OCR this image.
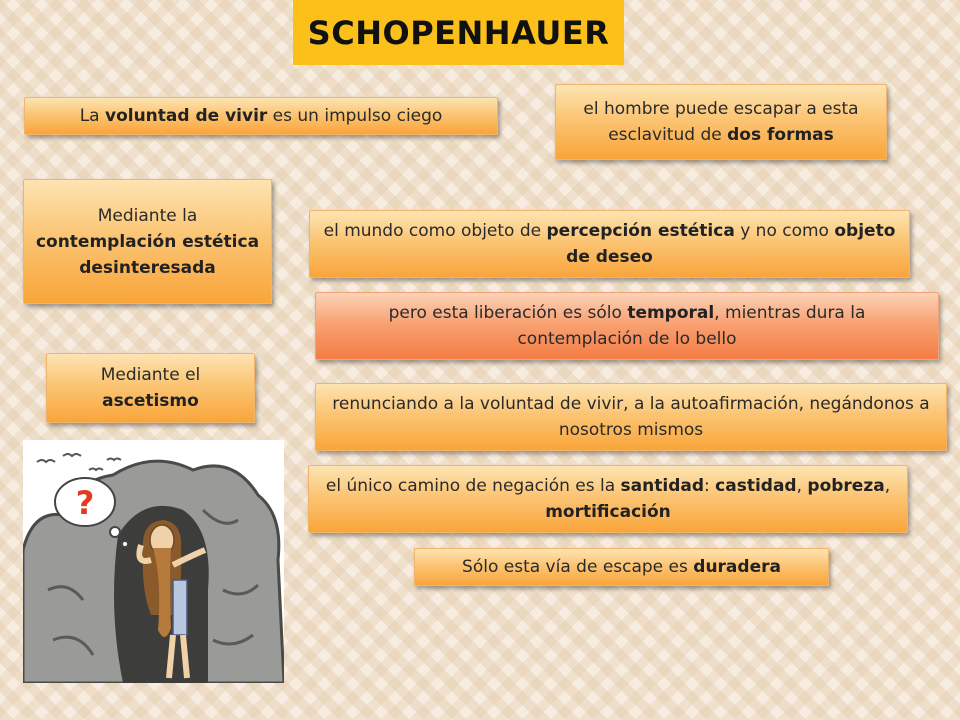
SCHOPENHAUER
La voluntad de vivir es un impulso ciego	el hombre puede escapar a esta esclavitud de dos formas
Mediante la contemplación estética desinteresada
el mundo como objeto de percepción estética y no como objeto de deseo
pero esta liberación es sólo temporal, mientras dura la contemplación de lo bello
Mediante el ascetismo	renunciando a la voluntad de vivir, a la autoafirmación, negándonos a nosotros mismos
el único camino de negación es la santidad: castidad, pobreza, mortificación
Sólo esta vía de escape es duradera
?
